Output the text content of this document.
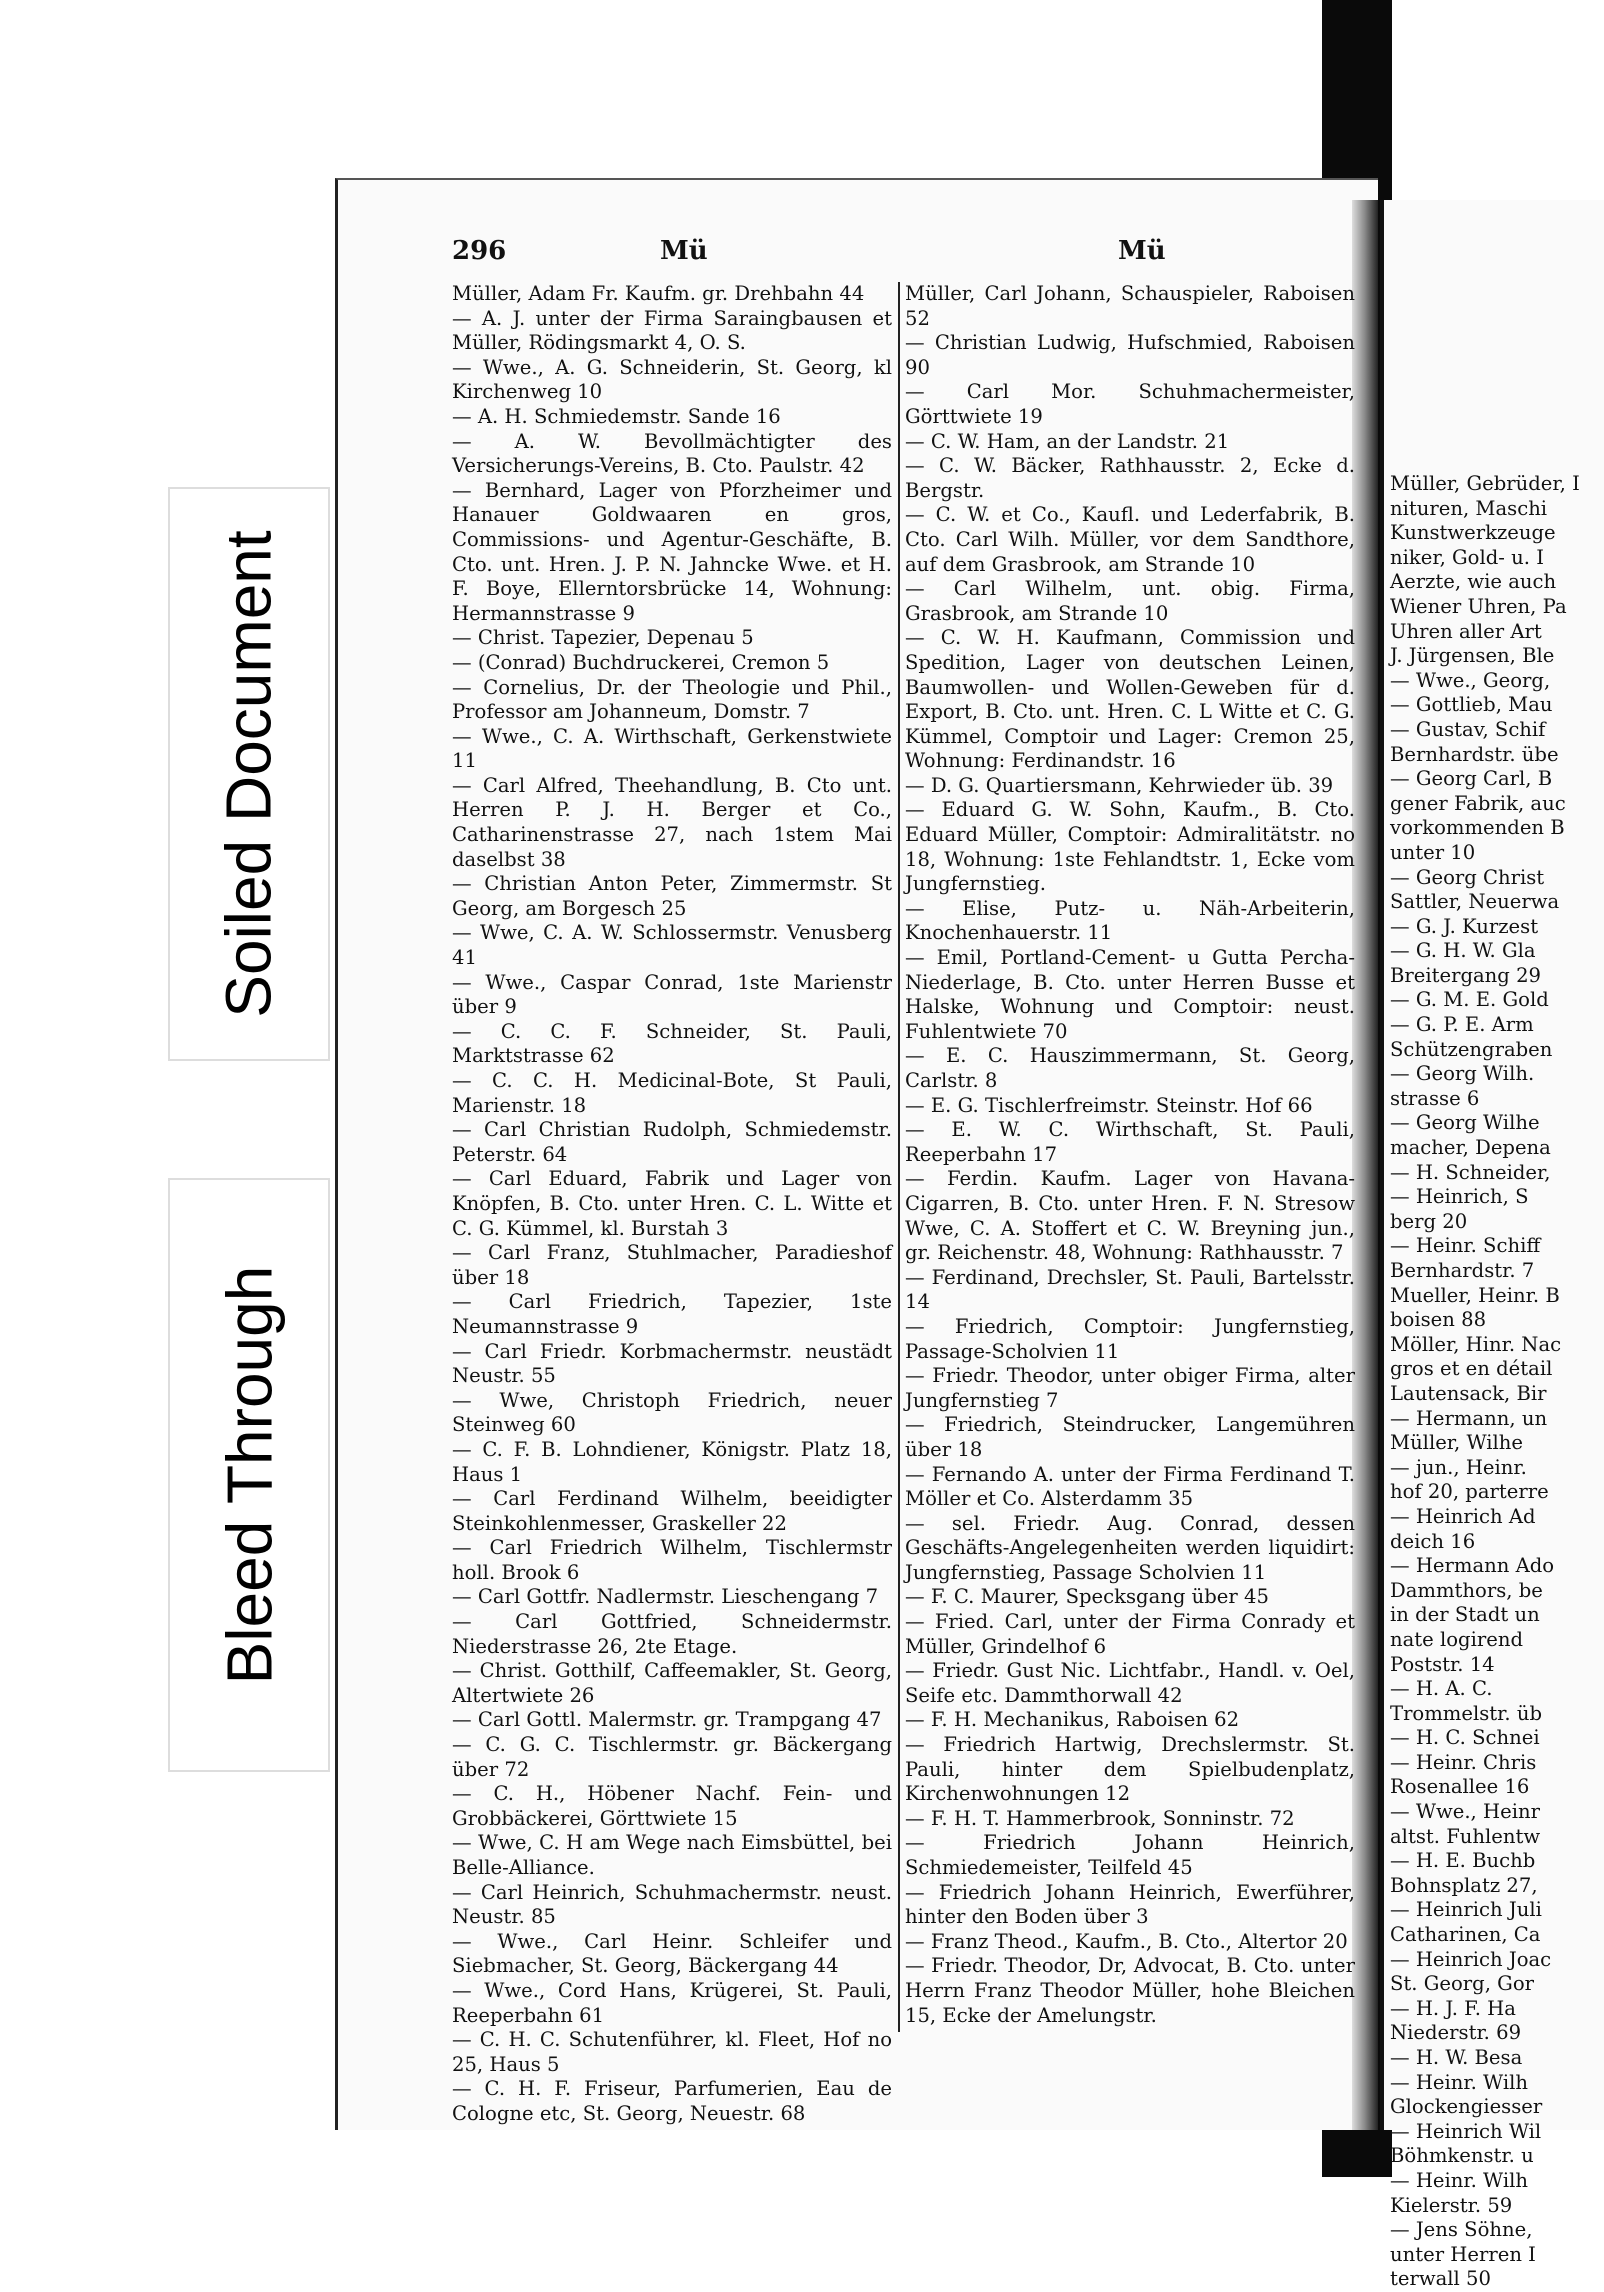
Soiled Document
Bleed Through

Müller, Gebrüder, I

nituren, Maschi

Kunstwerkzeuge

niker, Gold- u. I

Aerzte, wie auch

Wiener Uhren, Pa

Uhren aller Art

J. Jürgensen, Ble

— Wwe., Georg,

— Gottlieb, Mau

— Gustav, Schif

Bernhardstr. übe

— Georg Carl, B

gener Fabrik, auc

vorkommenden B

unter 10

— Georg Christ

Sattler, Neuerwa

— G. J. Kurzest

— G. H. W. Gla

Breitergang 29

— G. M. E. Gold

— G. P. E. Arm

Schützengraben

— Georg Wilh.

strasse 6

— Georg Wilhe

macher, Depena

— H. Schneider,

— Heinrich, S

berg 20

— Heinr. Schiff

Bernhardstr. 7

Mueller, Heinr. B

boisen 88

Möller, Hinr. Nac

gros et en détail

Lautensack, Bir

— Hermann, un

Müller, Wilhe

— jun., Heinr.

hof 20, parterre

— Heinrich Ad

deich 16

— Hermann Ado

Dammthors, be

in der Stadt un

nate logirend

Poststr. 14

— H. A. C.

Trommelstr. üb

— H. C. Schnei

— Heinr. Chris

Rosenallee 16

— Wwe., Heinr

altst. Fuhlentw

— H. E. Buchb

Bohnsplatz 27,

— Heinrich Juli

Catharinen, Ca

— Heinrich Joac

St. Georg, Gor

— H. J. F. Ha

Niederstr. 69

— H. W. Besa

— Heinr. Wilh

Glockengiesser

— Heinrich Wil

Böhmkenstr. u

— Heinr. Wilh

Kielerstr. 59

— Jens Söhne,

unter Herren I

terwall 50

296	Mü	Mü

Müller, Adam Fr. Kaufm. gr. Drehbahn 44

— A. J. unter der Firma Saraingbausen et Müller, Rödingsmarkt 4, O. S.

— Wwe., A. G. Schneiderin, St. Georg, kl Kirchenweg 10

— A. H. Schmiedemstr. Sande 16

— A. W. Bevollmächtigter des Versicherungs-Vereins, B. Cto. Paulstr. 42

— Bernhard, Lager von Pforzheimer und Hanauer Goldwaaren en gros, Commissions- und Agentur-Geschäfte, B. Cto. unt. Hren. J. P. N. Jahncke Wwe. et H. F. Boye, Ellerntorsbrücke 14, Wohnung: Hermannstrasse 9

— Christ. Tapezier, Depenau 5

— (Conrad) Buchdruckerei, Cremon 5

— Cornelius, Dr. der Theologie und Phil., Professor am Johanneum, Domstr. 7

— Wwe., C. A. Wirthschaft, Gerkenstwiete 11

— Carl Alfred, Theehandlung, B. Cto unt. Herren P. J. H. Berger et Co., Catharinenstrasse 27, nach 1stem Mai daselbst 38

— Christian Anton Peter, Zimmermstr. St Georg, am Borgesch 25

— Wwe, C. A. W. Schlossermstr. Venusberg 41

— Wwe., Caspar Conrad, 1ste Marienstr über 9

— C. C. F. Schneider, St. Pauli, Marktstrasse 62

— C. C. H. Medicinal-Bote, St Pauli, Marienstr. 18

— Carl Christian Rudolph, Schmiedemstr. Peterstr. 64

— Carl Eduard, Fabrik und Lager von Knöpfen, B. Cto. unter Hren. C. L. Witte et C. G. Kümmel, kl. Burstah 3

— Carl Franz, Stuhlmacher, Paradieshof über 18

— Carl Friedrich, Tapezier, 1ste Neumannstrasse 9

— Carl Friedr. Korbmachermstr. neustädt Neustr. 55

— Wwe, Christoph Friedrich, neuer Steinweg 60

— C. F. B. Lohndiener, Königstr. Platz 18, Haus 1

— Carl Ferdinand Wilhelm, beeidigter Steinkohlenmesser, Graskeller 22

— Carl Friedrich Wilhelm, Tischlermstr holl. Brook 6

— Carl Gottfr. Nadlermstr. Lieschengang 7

— Carl Gottfried, Schneidermstr. Niederstrasse 26, 2te Etage.

— Christ. Gotthilf, Caffeemakler, St. Georg, Altertwiete 26

— Carl Gottl. Malermstr. gr. Trampgang 47

— C. G. C. Tischlermstr. gr. Bäckergang über 72

— C. H., Höbener Nachf. Fein- und Grobbäckerei, Görttwiete 15

— Wwe, C. H am Wege nach Eimsbüttel, bei Belle-Alliance.

— Carl Heinrich, Schuhmachermstr. neust. Neustr. 85

— Wwe., Carl Heinr. Schleifer und Siebmacher, St. Georg, Bäckergang 44

— Wwe., Cord Hans, Krügerei, St. Pauli, Reeperbahn 61

— C. H. C. Schutenführer, kl. Fleet, Hof no 25, Haus 5

— C. H. F. Friseur, Parfumerien, Eau de Cologne etc, St. Georg, Neuestr. 68

Müller, Carl Johann, Schauspieler, Raboisen 52

— Christian Ludwig, Hufschmied, Raboisen 90

— Carl Mor. Schuhmachermeister, Görttwiete 19

— C. W. Ham, an der Landstr. 21

— C. W. Bäcker, Rathhausstr. 2, Ecke d. Bergstr.

— C. W. et Co., Kaufl. und Lederfabrik, B. Cto. Carl Wilh. Müller, vor dem Sandthore, auf dem Grasbrook, am Strande 10

— Carl Wilhelm, unt. obig. Firma, Grasbrook, am Strande 10

— C. W. H. Kaufmann, Commission und Spedition, Lager von deutschen Leinen, Baumwollen- und Wollen-Geweben für d. Export, B. Cto. unt. Hren. C. L Witte et C. G. Kümmel, Comptoir und Lager: Cremon 25, Wohnung: Ferdinandstr. 16

— D. G. Quartiersmann, Kehrwieder üb. 39

— Eduard G. W. Sohn, Kaufm., B. Cto. Eduard Müller, Comptoir: Admiralitätstr. no 18, Wohnung: 1ste Fehlandtstr. 1, Ecke vom Jungfernstieg.

— Elise, Putz- u. Näh-Arbeiterin, Knochenhauerstr. 11

— Emil, Portland-Cement- u Gutta Percha-Niederlage, B. Cto. unter Herren Busse et Halske, Wohnung und Comptoir: neust. Fuhlentwiete 70

— E. C. Hauszimmermann, St. Georg, Carlstr. 8

— E. G. Tischlerfreimstr. Steinstr. Hof 66

— E. W. C. Wirthschaft, St. Pauli, Reeperbahn 17

— Ferdin. Kaufm. Lager von Havana-Cigarren, B. Cto. unter Hren. F. N. Stresow Wwe, C. A. Stoffert et C. W. Breyning jun., gr. Reichenstr. 48, Wohnung: Rathhausstr. 7

— Ferdinand, Drechsler, St. Pauli, Bartelsstr. 14

— Friedrich, Comptoir: Jungfernstieg, Passage-Scholvien 11

— Friedr. Theodor, unter obiger Firma, alter Jungfernstieg 7

— Friedrich, Steindrucker, Langemühren über 18

— Fernando A. unter der Firma Ferdinand T. Möller et Co. Alsterdamm 35

— sel. Friedr. Aug. Conrad, dessen Geschäfts-Angelegenheiten werden liquidirt: Jungfernstieg, Passage Scholvien 11

— F. C. Maurer, Specksgang über 45

— Fried. Carl, unter der Firma Conrady et Müller, Grindelhof 6

— Friedr. Gust Nic. Lichtfabr., Handl. v. Oel, Seife etc. Dammthorwall 42

— F. H. Mechanikus, Raboisen 62

— Friedrich Hartwig, Drechslermstr. St. Pauli, hinter dem Spielbudenplatz, Kirchenwohnungen 12

— F. H. T. Hammerbrook, Sonninstr. 72

— Friedrich Johann Heinrich, Schmiedemeister, Teilfeld 45

— Friedrich Johann Heinrich, Ewerführer, hinter den Boden über 3

— Franz Theod., Kaufm., B. Cto., Altertor 20

— Friedr. Theodor, Dr, Advocat, B. Cto. unter Herrn Franz Theodor Müller, hohe Bleichen 15, Ecke der Amelungstr.
